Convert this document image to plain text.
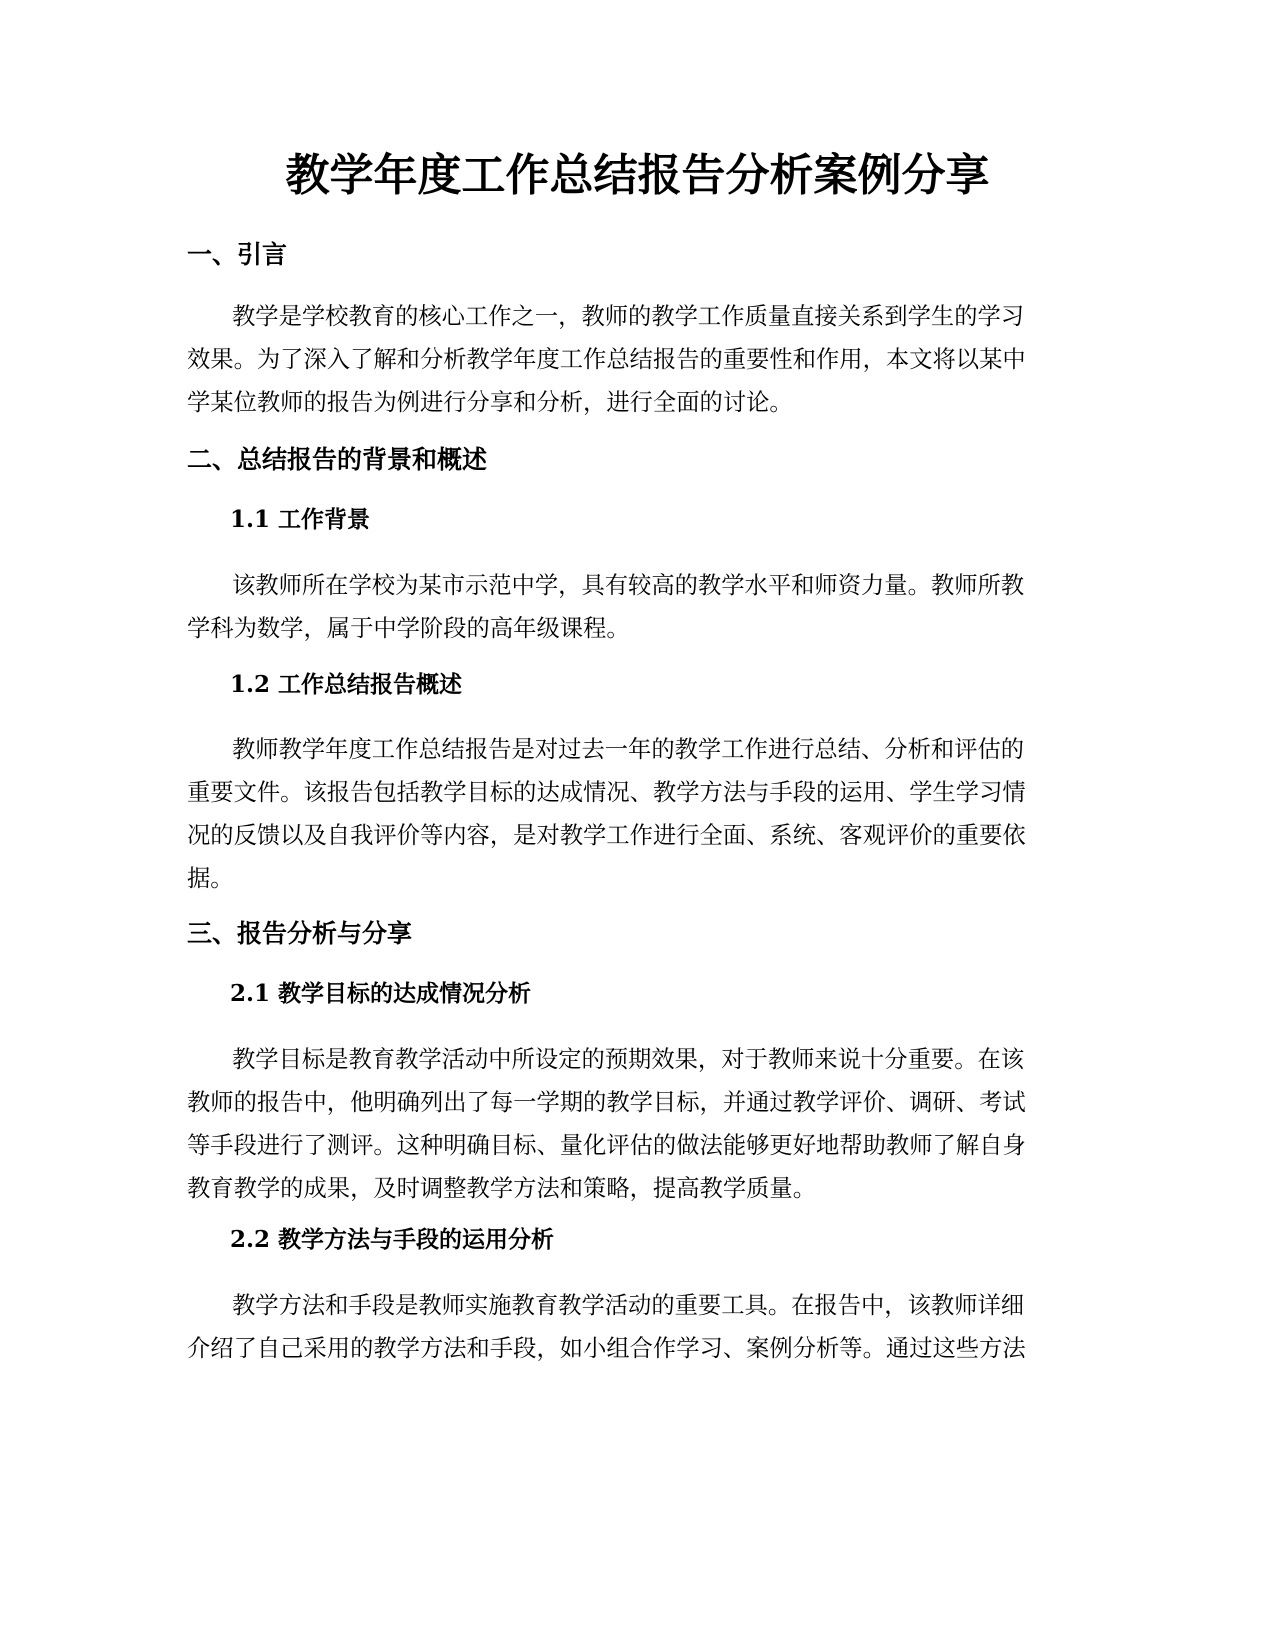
教学年度工作总结报告分析案例分享
一、引言
教学是学校教育的核心工作之一，教师的教学工作质量直接关系到学生的学习
效果。为了深入了解和分析教学年度工作总结报告的重要性和作用，本文将以某中
学某位教师的报告为例进行分享和分析，进行全面的讨论。
二、总结报告的背景和概述
1.1 工作背景
该教师所在学校为某市示范中学，具有较高的教学水平和师资力量。教师所教
学科为数学，属于中学阶段的高年级课程。
1.2 工作总结报告概述
教师教学年度工作总结报告是对过去一年的教学工作进行总结、分析和评估的
重要文件。该报告包括教学目标的达成情况、教学方法与手段的运用、学生学习情
况的反馈以及自我评价等内容，是对教学工作进行全面、系统、客观评价的重要依
据。
三、报告分析与分享
2.1 教学目标的达成情况分析
教学目标是教育教学活动中所设定的预期效果，对于教师来说十分重要。在该
教师的报告中，他明确列出了每一学期的教学目标，并通过教学评价、调研、考试
等手段进行了测评。这种明确目标、量化评估的做法能够更好地帮助教师了解自身
教育教学的成果，及时调整教学方法和策略，提高教学质量。
2.2 教学方法与手段的运用分析
教学方法和手段是教师实施教育教学活动的重要工具。在报告中，该教师详细
介绍了自己采用的教学方法和手段，如小组合作学习、案例分析等。通过这些方法
